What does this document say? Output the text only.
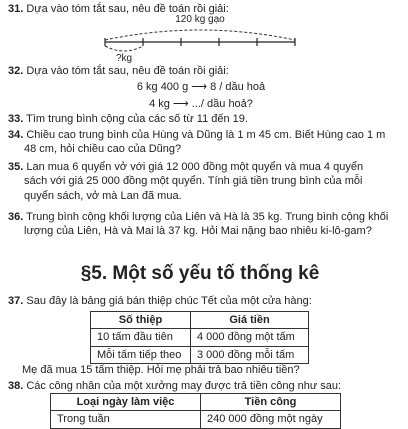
31. Dựa vào tóm tắt sau, nêu đề toán rồi giải:
120 kg gạo
?kg
32. Dựa vào tóm tắt sau, nêu đề toán rồi giải:
6 kg 400 g ⟶ 8 / dầu hoả
4 kg ⟶ .../ dầu hoả?
33. Tìm trung bình cộng của các số từ 11 đến 19.
34. Chiều cao trung bình của Hùng và Dũng là 1 m 45 cm. Biết Hùng cao 1 m
48 cm, hỏi chiều cao của Dũng?
35. Lan mua 6 quyển vở với giá 12 000 đồng một quyển và mua 4 quyển
sách với giá 25 000 đồng một quyển. Tính giá tiền trung bình của mỗi
quyển sách, vở mà Lan đã mua.
36. Trung bình cộng khối lượng của Liên và Hà là 35 kg. Trung bình cộng khối
lượng của Liên, Hà và Mai là 37 kg. Hỏi Mai nặng bao nhiêu ki-lô-gam?
§5. Một số yếu tố thống kê
37. Sau đây là bảng giá bán thiệp chúc Tết của một cửa hàng:
Số thiệp	Giá tiền
10 tấm đầu tiên	4 000 đồng một tấm
Mỗi tấm tiếp theo	3 000 đồng mỗi tấm
Mẹ đã mua 15 tấm thiệp. Hỏi mẹ phải trả bao nhiêu tiền?
38. Các công nhân của một xưởng may được trả tiền công như sau:
Loại ngày làm việc	Tiền công
Trong tuần	240 000 đồng một ngày
